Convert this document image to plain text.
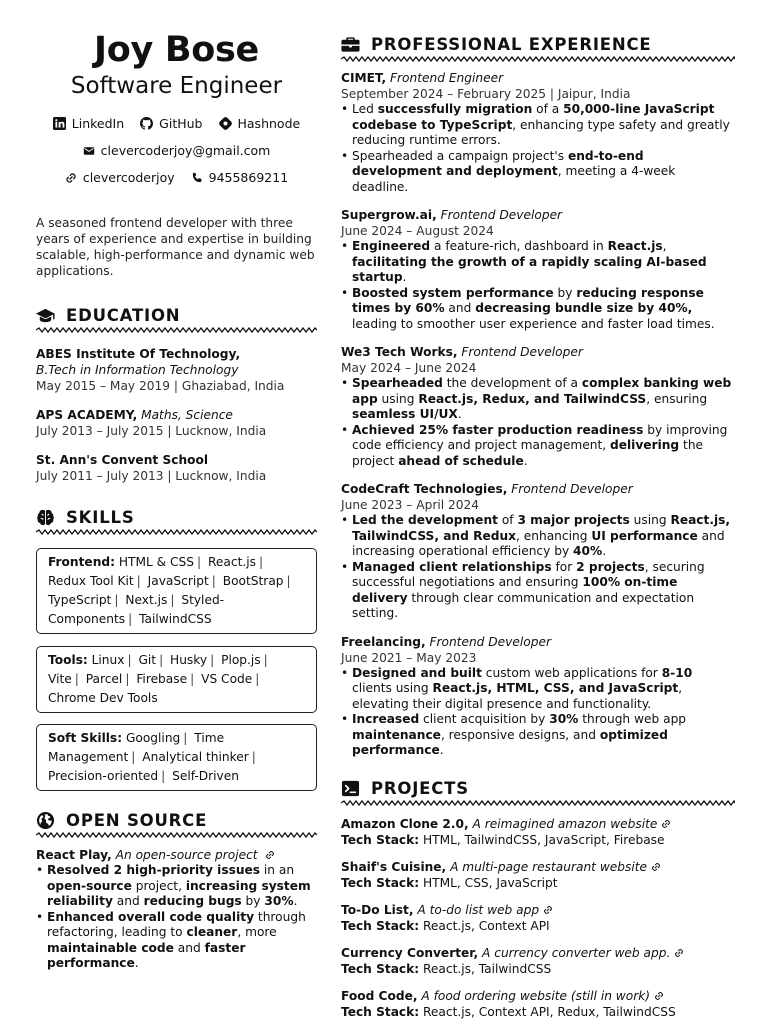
Joy Bose
Software Engineer
LinkedIn	GitHub	Hashnode
clevercoderjoy@gmail.com
clevercoderjoy	9455869211

A seasoned frontend developer with three years of experience and expertise in building scalable, high-performance and dynamic web applications.

EDUCATION
ABES Institute Of Technology,
B.Tech in Information Technology
May 2015 – May 2019 | Ghaziabad, India
APS ACADEMY, Maths, Science
July 2013 – July 2015 | Lucknow, India
St. Ann's Convent School
July 2011 – July 2013 | Lucknow, India
SKILLS
Frontend: HTML & CSS | React.js | Redux Tool Kit | JavaScript | BootStrap | TypeScript | Next.js | Styled-Components | TailwindCSS
Tools: Linux | Git | Husky | Plop.js | Vite | Parcel | Firebase | VS Code | Chrome Dev Tools
Soft Skills: Googling | Time Management | Analytical thinker | Precision-oriented | Self-Driven
OPEN SOURCE
React Play, An open-source project
• Resolved 2 high-priority issues in an open-source project, increasing system reliability and reducing bugs by 30%.
• Enhanced overall code quality through refactoring, leading to cleaner, more maintainable code and faster performance.
PROFESSIONAL EXPERIENCE
CIMET, Frontend Engineer
September 2024 – February 2025 | Jaipur, India
• Led successfully migration of a 50,000-line JavaScript codebase to TypeScript, enhancing type safety and greatly reducing runtime errors.
• Spearheaded a campaign project's end-to-end development and deployment, meeting a 4-week deadline.
Supergrow.ai, Frontend Developer
June 2024 – August 2024
• Engineered a feature-rich, dashboard in React.js, facilitating the growth of a rapidly scaling AI-based startup.
• Boosted system performance by reducing response times by 60% and decreasing bundle size by 40%, leading to smoother user experience and faster load times.
We3 Tech Works, Frontend Developer
May 2024 – June 2024
• Spearheaded the development of a complex banking web app using React.js, Redux, and TailwindCSS, ensuring seamless UI/UX.
• Achieved 25% faster production readiness by improving code efficiency and project management, delivering the project ahead of schedule.
CodeCraft Technologies, Frontend Developer
June 2023 – April 2024
• Led the development of 3 major projects using React.js, TailwindCSS, and Redux, enhancing UI performance and increasing operational efficiency by 40%.
• Managed client relationships for 2 projects, securing successful negotiations and ensuring 100% on-time delivery through clear communication and expectation setting.
Freelancing, Frontend Developer
June 2021 – May 2023
• Designed and built custom web applications for 8-10 clients using React.js, HTML, CSS, and JavaScript, elevating their digital presence and functionality.
• Increased client acquisition by 30% through web app maintenance, responsive designs, and optimized performance.
PROJECTS
Amazon Clone 2.0, A reimagined amazon website
Tech Stack: HTML, TailwindCSS, JavaScript, Firebase
Shaif's Cuisine, A multi-page restaurant website
Tech Stack: HTML, CSS, JavaScript
To-Do List, A to-do list web app
Tech Stack: React.js, Context API
Currency Converter, A currency converter web app.
Tech Stack: React.js, TailwindCSS
Food Code, A food ordering website (still in work)
Tech Stack: React.js, Context API, Redux, TailwindCSS
